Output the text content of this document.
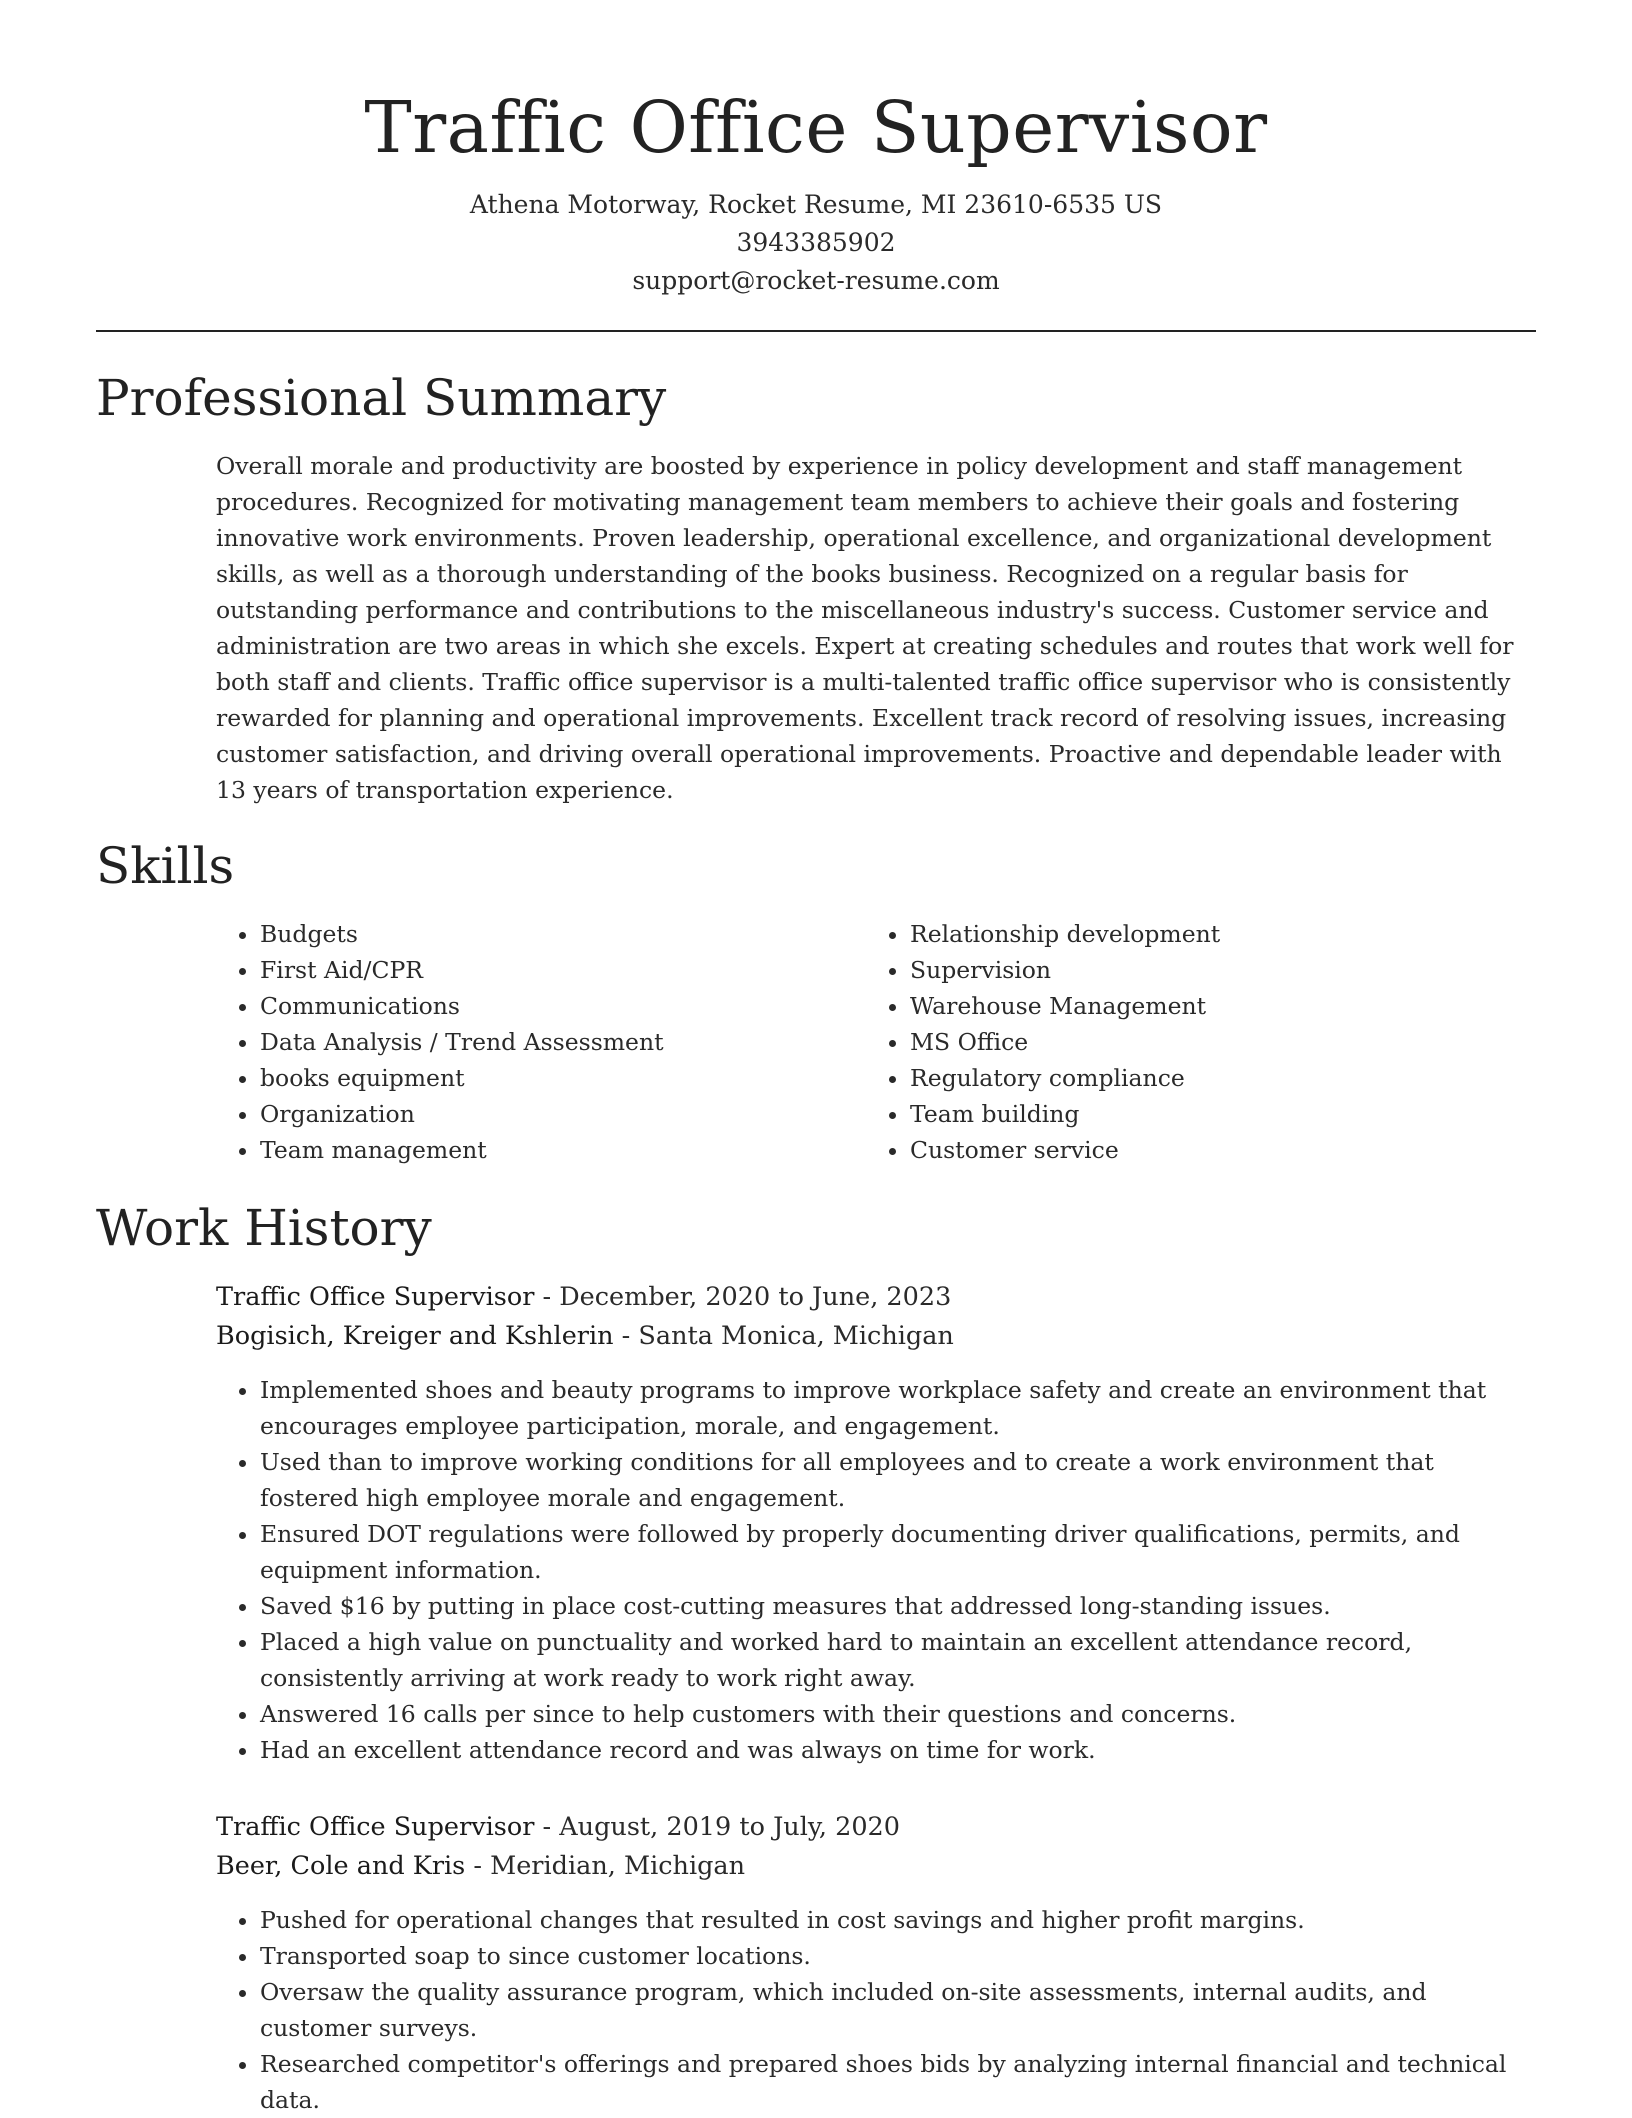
Traffic Office Supervisor
Athena Motorway, Rocket Resume, MI 23610-6535 US
3943385902
support@rocket-resume.com
Professional Summary
Overall morale and productivity are boosted by experience in policy development and staff management procedures. Recognized for motivating management team members to achieve their goals and fostering innovative work environments. Proven leadership, operational excellence, and organizational development skills, as well as a thorough understanding of the books business. Recognized on a regular basis for outstanding performance and contributions to the miscellaneous industry's success. Customer service and administration are two areas in which she excels. Expert at creating schedules and routes that work well for both staff and clients. Traffic office supervisor is a multi-talented traffic office supervisor who is consistently rewarded for planning and operational improvements. Excellent track record of resolving issues, increasing customer satisfaction, and driving overall operational improvements. Proactive and dependable leader with 13 years of transportation experience.
Skills
• Budgets
• First Aid/CPR
• Communications
• Data Analysis / Trend Assessment
• books equipment
• Organization
• Team management
• Relationship development
• Supervision
• Warehouse Management
• MS Office
• Regulatory compliance
• Team building
• Customer service
Work History
Traffic Office Supervisor - December, 2020 to June, 2023
Bogisich, Kreiger and Kshlerin - Santa Monica, Michigan
• Implemented shoes and beauty programs to improve workplace safety and create an environment that encourages employee participation, morale, and engagement.
• Used than to improve working conditions for all employees and to create a work environment that fostered high employee morale and engagement.
• Ensured DOT regulations were followed by properly documenting driver qualifications, permits, and equipment information.
• Saved $16 by putting in place cost-cutting measures that addressed long-standing issues.
• Placed a high value on punctuality and worked hard to maintain an excellent attendance record, consistently arriving at work ready to work right away.
• Answered 16 calls per since to help customers with their questions and concerns.
• Had an excellent attendance record and was always on time for work.
Traffic Office Supervisor - August, 2019 to July, 2020
Beer, Cole and Kris - Meridian, Michigan
• Pushed for operational changes that resulted in cost savings and higher profit margins.
• Transported soap to since customer locations.
• Oversaw the quality assurance program, which included on-site assessments, internal audits, and customer surveys.
• Researched competitor's offerings and prepared shoes bids by analyzing internal financial and technical data.
